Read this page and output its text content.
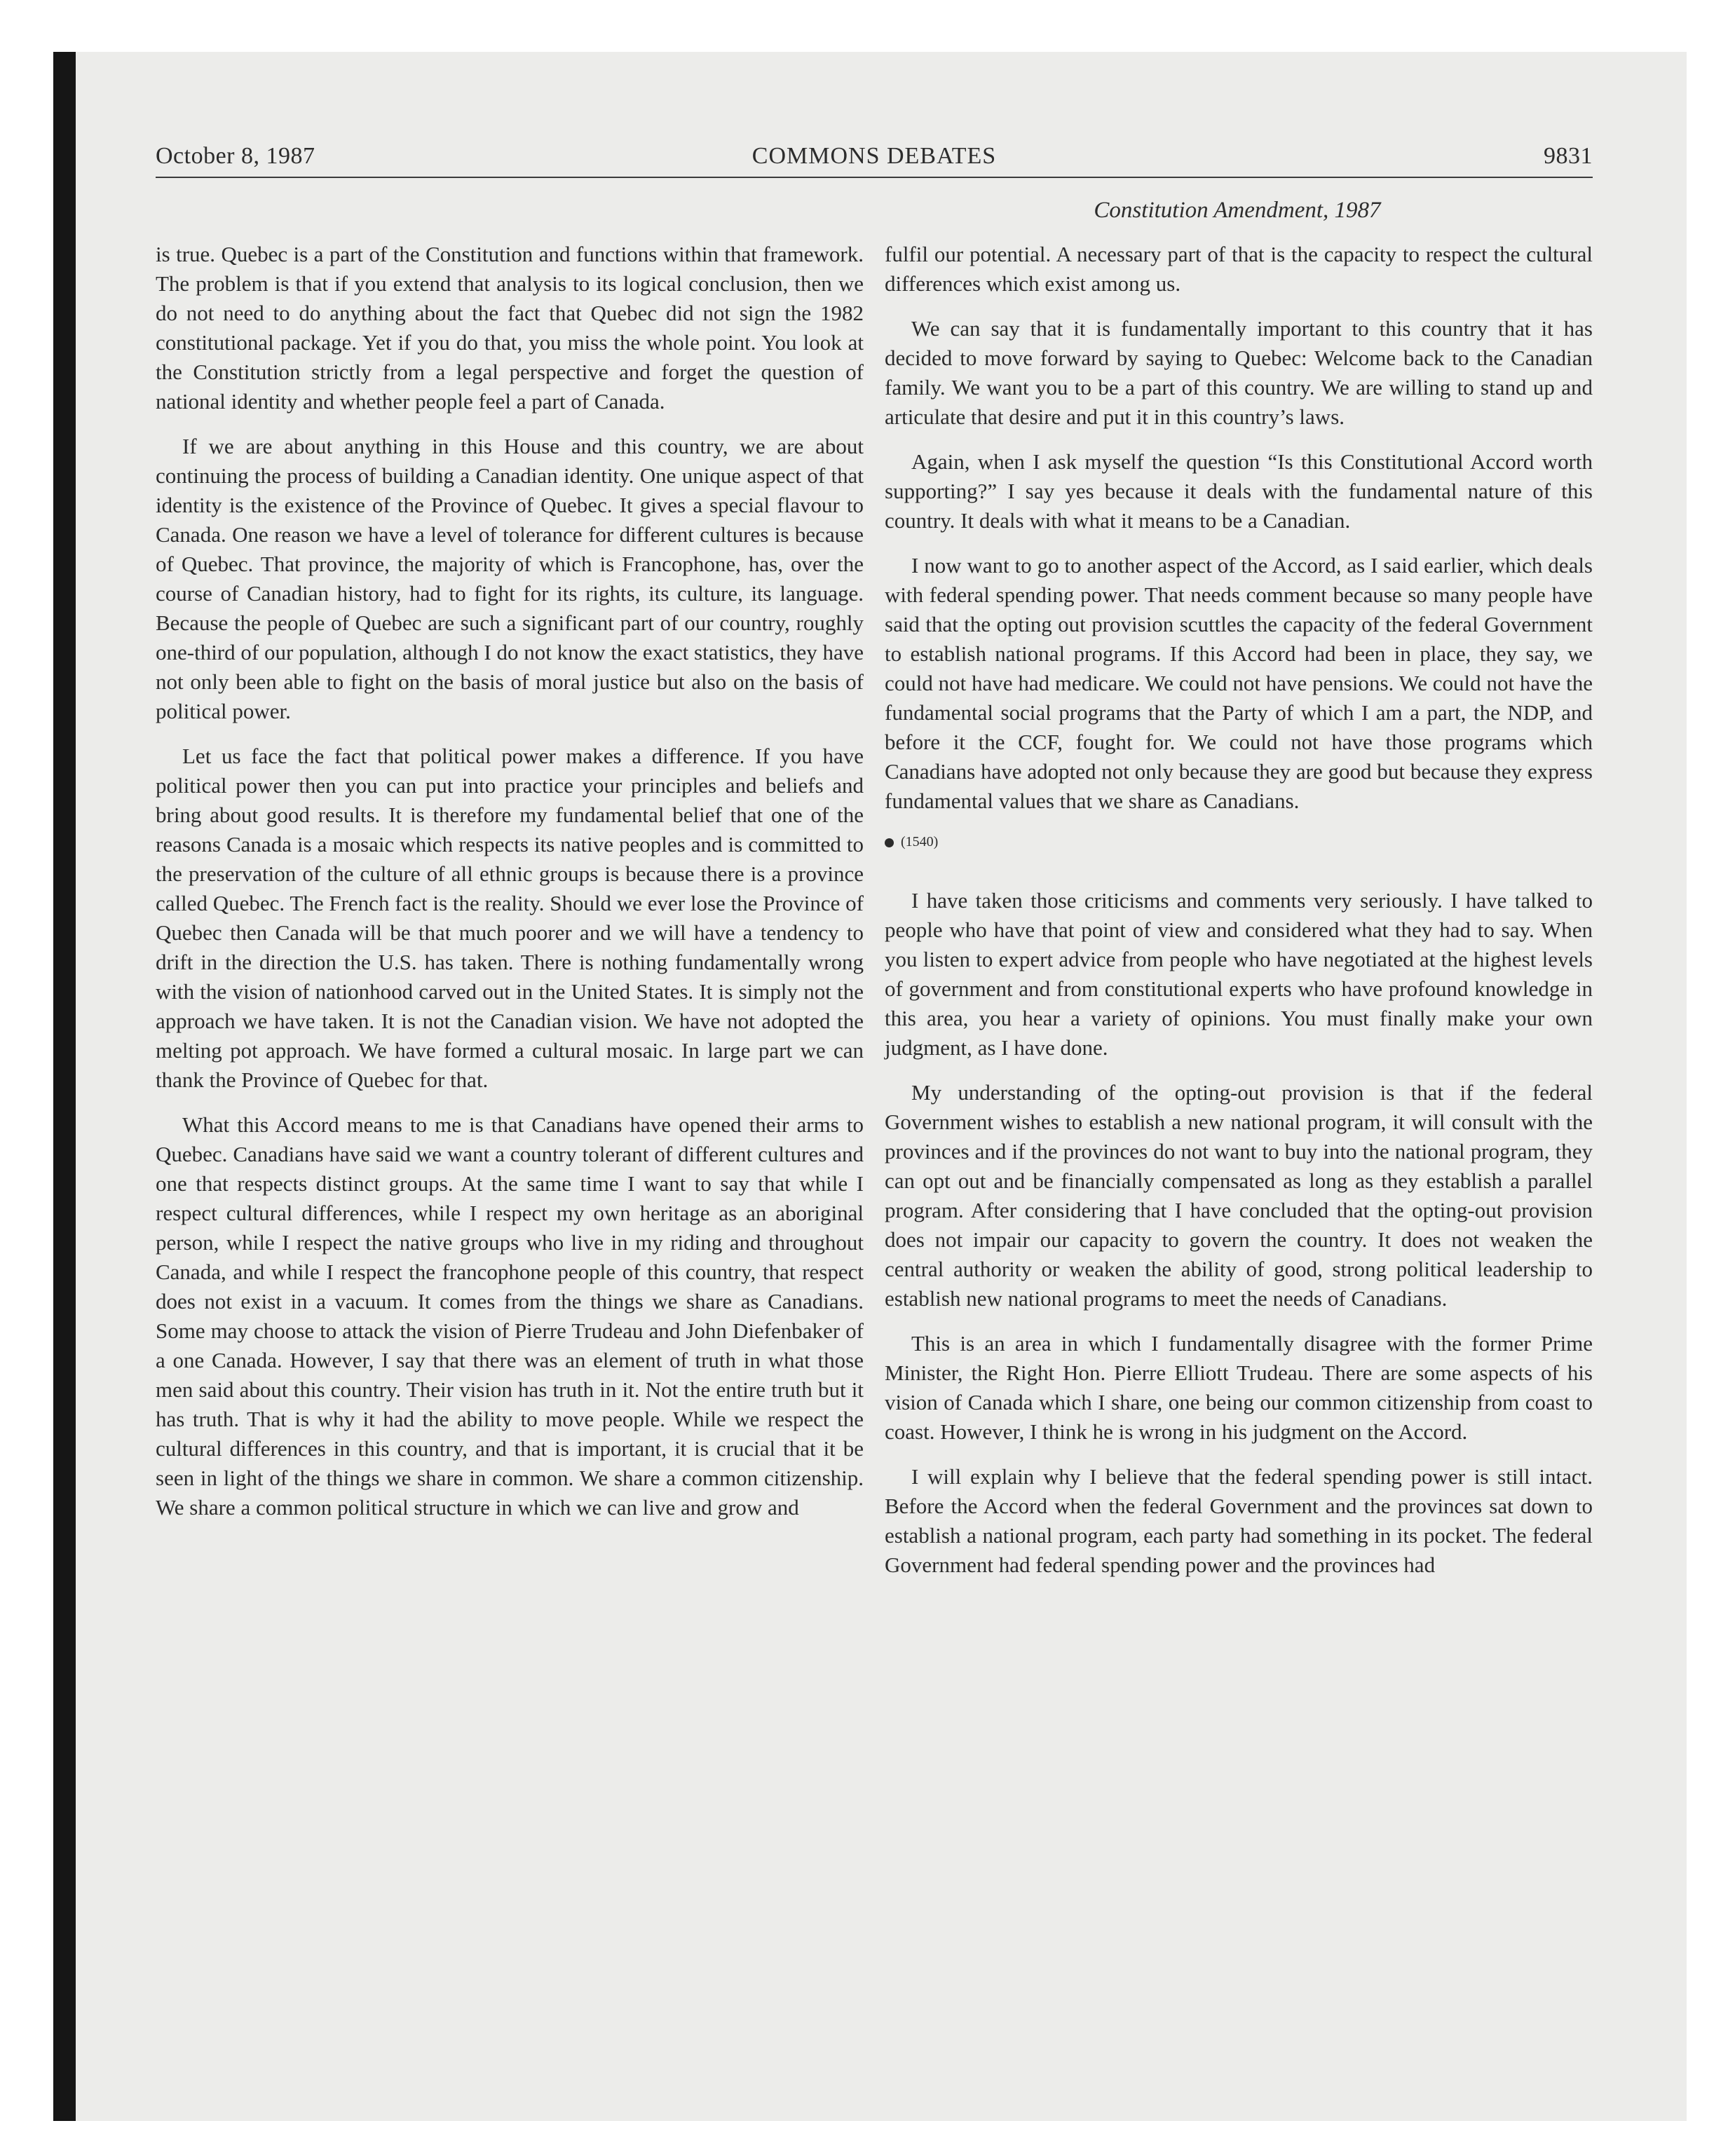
October 8, 1987	COMMONS DEBATES	9831
Constitution Amendment, 1987

is true. Quebec is a part of the Constitution and functions within that framework. The problem is that if you extend that analysis to its logical conclusion, then we do not need to do anything about the fact that Quebec did not sign the 1982 constitutional package. Yet if you do that, you miss the whole point. You look at the Constitution strictly from a legal perspective and forget the question of national identity and whether people feel a part of Canada.

If we are about anything in this House and this country, we are about continuing the process of building a Canadian identity. One unique aspect of that identity is the existence of the Province of Quebec. It gives a special flavour to Canada. One reason we have a level of tolerance for different cultures is because of Quebec. That province, the majority of which is Francophone, has, over the course of Canadian history, had to fight for its rights, its culture, its language. Because the people of Quebec are such a significant part of our country, roughly one-third of our population, although I do not know the exact statistics, they have not only been able to fight on the basis of moral justice but also on the basis of political power.

Let us face the fact that political power makes a difference. If you have political power then you can put into practice your principles and beliefs and bring about good results. It is therefore my fundamental belief that one of the reasons Canada is a mosaic which respects its native peoples and is committed to the preservation of the culture of all ethnic groups is because there is a province called Quebec. The French fact is the reality. Should we ever lose the Province of Quebec then Canada will be that much poorer and we will have a tendency to drift in the direction the U.S. has taken. There is nothing fundamentally wrong with the vision of nationhood carved out in the United States. It is simply not the approach we have taken. It is not the Canadian vision. We have not adopted the melting pot approach. We have formed a cultural mosaic. In large part we can thank the Province of Quebec for that.

What this Accord means to me is that Canadians have opened their arms to Quebec. Canadians have said we want a country tolerant of different cultures and one that respects distinct groups. At the same time I want to say that while I respect cultural differences, while I respect my own heritage as an aboriginal person, while I respect the native groups who live in my riding and throughout Canada, and while I respect the francophone people of this country, that respect does not exist in a vacuum. It comes from the things we share as Canadians. Some may choose to attack the vision of Pierre Trudeau and John Diefenbaker of a one Canada. However, I say that there was an element of truth in what those men said about this country. Their vision has truth in it. Not the entire truth but it has truth. That is why it had the ability to move people. While we respect the cultural differences in this country, and that is important, it is crucial that it be seen in light of the things we share in common. We share a common citizenship. We share a common political structure in which we can live and grow and

fulfil our potential. A necessary part of that is the capacity to respect the cultural differences which exist among us.

We can say that it is fundamentally important to this country that it has decided to move forward by saying to Quebec: Welcome back to the Canadian family. We want you to be a part of this country. We are willing to stand up and articulate that desire and put it in this country’s laws.

Again, when I ask myself the question “Is this Constitutional Accord worth supporting?” I say yes because it deals with the fundamental nature of this country. It deals with what it means to be a Canadian.

I now want to go to another aspect of the Accord, as I said earlier, which deals with federal spending power. That needs comment because so many people have said that the opting out provision scuttles the capacity of the federal Government to establish national programs. If this Accord had been in place, they say, we could not have had medicare. We could not have pensions. We could not have the fundamental social programs that the Party of which I am a part, the NDP, and before it the CCF, fought for. We could not have those programs which Canadians have adopted not only because they are good but because they express fundamental values that we share as Canadians.

(1540)

I have taken those criticisms and comments very seriously. I have talked to people who have that point of view and considered what they had to say. When you listen to expert advice from people who have negotiated at the highest levels of government and from constitutional experts who have profound knowledge in this area, you hear a variety of opinions. You must finally make your own judgment, as I have done.

My understanding of the opting-out provision is that if the federal Government wishes to establish a new national program, it will consult with the provinces and if the provinces do not want to buy into the national program, they can opt out and be financially compensated as long as they establish a parallel program. After considering that I have concluded that the opting-out provision does not impair our capacity to govern the country. It does not weaken the central authority or weaken the ability of good, strong political leadership to establish new national programs to meet the needs of Canadians.

This is an area in which I fundamentally disagree with the former Prime Minister, the Right Hon. Pierre Elliott Trudeau. There are some aspects of his vision of Canada which I share, one being our common citizenship from coast to coast. However, I think he is wrong in his judgment on the Accord.

I will explain why I believe that the federal spending power is still intact. Before the Accord when the federal Government and the provinces sat down to establish a national program, each party had something in its pocket. The federal Government had federal spending power and the provinces had
